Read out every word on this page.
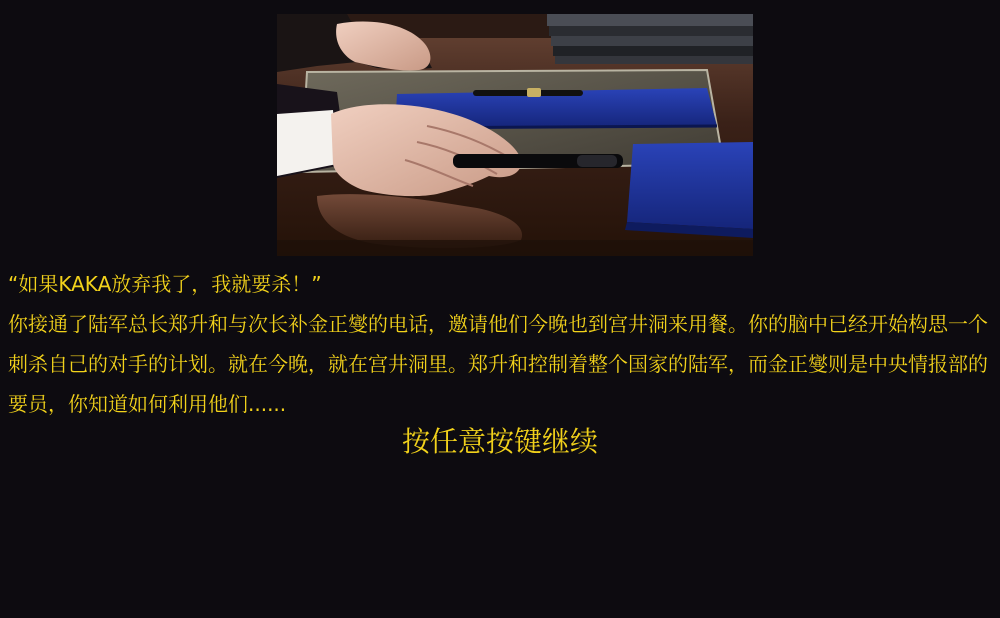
“如果KAKA放弃我了，我就要杀！”

你接通了陆军总长郑升和与次长补金正燮的电话，邀请他们今晚也到宫井洞来用餐。你的脑中已经开始构思一个刺杀自己的对手的计划。就在今晚，就在宫井洞里。郑升和控制着整个国家的陆军，而金正燮则是中央情报部的要员，你知道如何利用他们......

按任意按键继续
